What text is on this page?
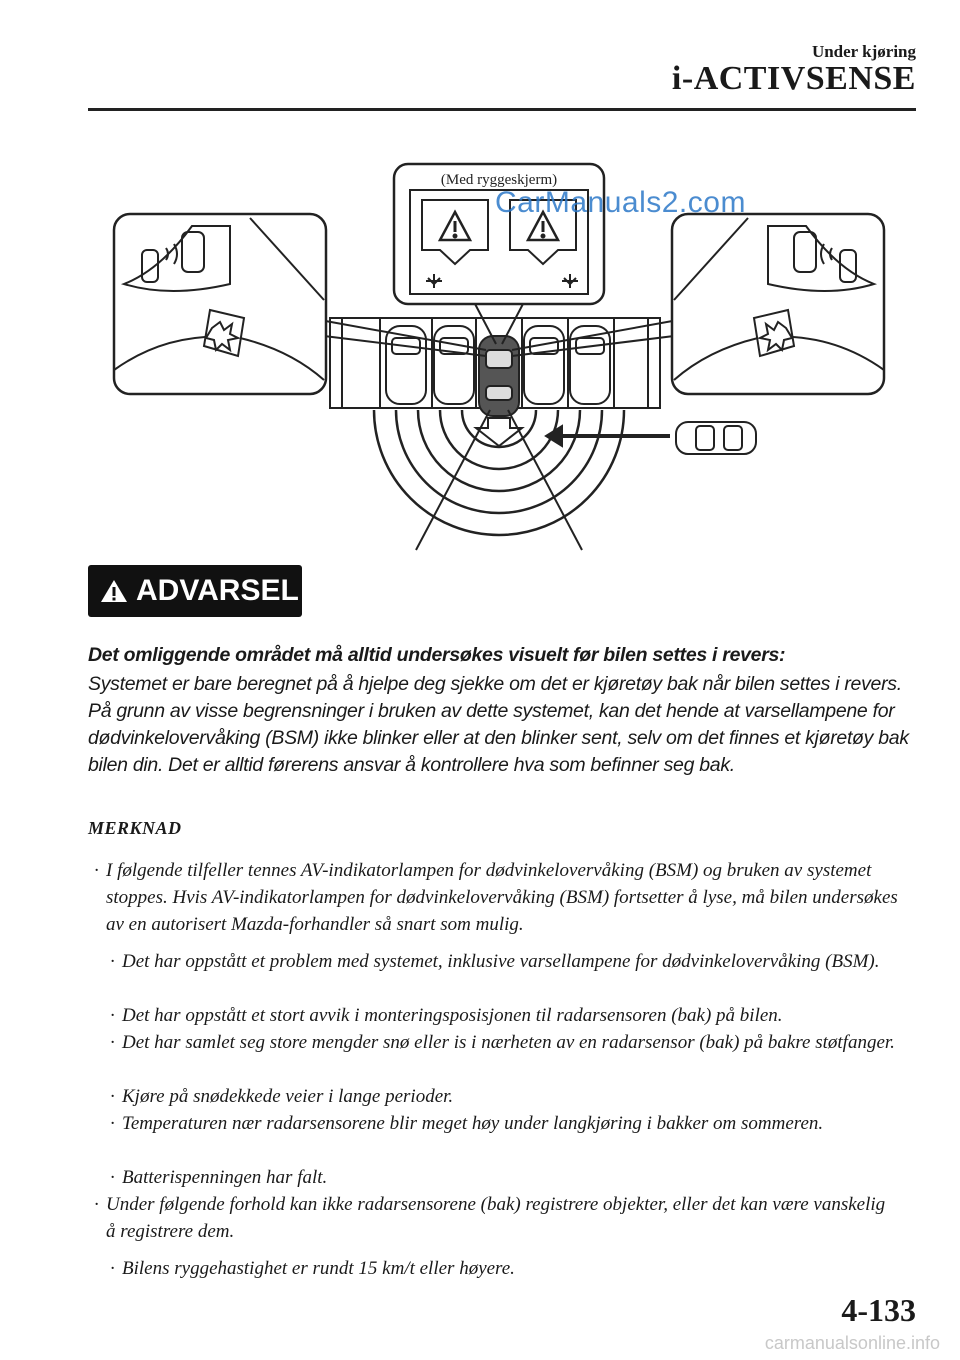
Under kjøring
i-ACTIVSENSE
(Med ryggeskjerm)
CarManuals2.com
ADVARSEL
Det omliggende området må alltid undersøkes visuelt før bilen settes i revers:
Systemet er bare beregnet på å hjelpe deg sjekke om det er kjøretøy bak når bilen settes i revers. På grunn av visse begrensninger i bruken av dette systemet, kan det hende at varsellampene for dødvinkelovervåking (BSM) ikke blinker eller at den blinker sent, selv om det finnes et kjøretøy bak bilen din. Det er alltid førerens ansvar å kontrollere hva som befinner seg bak.
MERKNAD
· I følgende tilfeller tennes AV-indikatorlampen for dødvinkelovervåking (BSM) og bruken av systemet stoppes. Hvis AV-indikatorlampen for dødvinkelovervåking (BSM) fortsetter å lyse, må bilen undersøkes av en autorisert Mazda-forhandler så snart som mulig.
· Det har oppstått et problem med systemet, inklusive varsellampene for dødvinkelovervåking (BSM).
· Det har oppstått et stort avvik i monteringsposisjonen til radarsensoren (bak) på bilen.
· Det har samlet seg store mengder snø eller is i nærheten av en radarsensor (bak) på bakre støtfanger.
· Kjøre på snødekkede veier i lange perioder.
· Temperaturen nær radarsensorene blir meget høy under langkjøring i bakker om sommeren.
· Batterispenningen har falt.
· Under følgende forhold kan ikke radarsensorene (bak) registrere objekter, eller det kan være vanskelig å registrere dem.
· Bilens ryggehastighet er rundt 15 km/t eller høyere.
4-133
carmanualsonline.info
